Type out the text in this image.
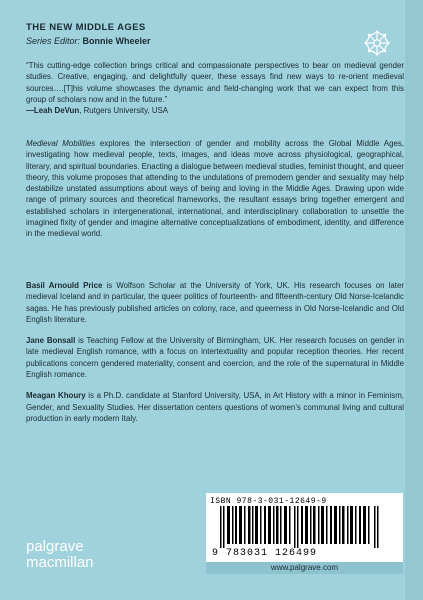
THE NEW MIDDLE AGES
Series Editor: Bonnie Wheeler
“This cutting-edge collection brings critical and compassionate perspectives to bear on medieval gender studies. Creative, engaging, and delightfully queer, these essays find new ways to re-orient medieval sources….[T]his volume showcases the dynamic and field-changing work that we can expect from this group of scholars now and in the future.”
—Leah DeVun, Rutgers University, USA
Medieval Mobilities explores the intersection of gender and mobility across the Global Middle Ages, investigating how medieval people, texts, images, and ideas move across physiological, geographical, literary, and spiritual boundaries. Enacting a dialogue between medieval studies, feminist thought, and queer theory, this volume proposes that attending to the undulations of premodern gender and sexuality may help destabilize unstated assumptions about ways of being and loving in the Middle Ages. Drawing upon wide range of primary sources and theoretical frameworks, the resultant essays bring together emergent and established scholars in intergenerational, international, and interdisciplinary collaboration to unsettle the imagined fixity of gender and imagine alternative conceptualizations of embodiment, identity, and difference in the medieval world.
Basil Arnould Price is Wolfson Scholar at the University of York, UK. His research focuses on later medieval Iceland and in particular, the queer politics of fourteenth- and fifteenth-century Old Norse-Icelandic sagas. He has previously published articles on colony, race, and queerness in Old Norse-Icelandic and Old English literature.
Jane Bonsall is Teaching Fellow at the University of Birmingham, UK. Her research focuses on gender in late medieval English romance, with a focus on intertextuality and popular reception theories. Her recent publications concern gendered materiality, consent and coercion, and the role of the supernatural in Middle English romance.
Meagan Khoury is a Ph.D. candidate at Stanford University, USA, in Art History with a minor in Feminism, Gender, and Sexuality Studies. Her dissertation centers questions of women’s communal living and cultural production in early modern Italy.
ISBN 978-3-031-12649-9
9 783031 126499
www.palgrave.com
palgrave
macmillan
